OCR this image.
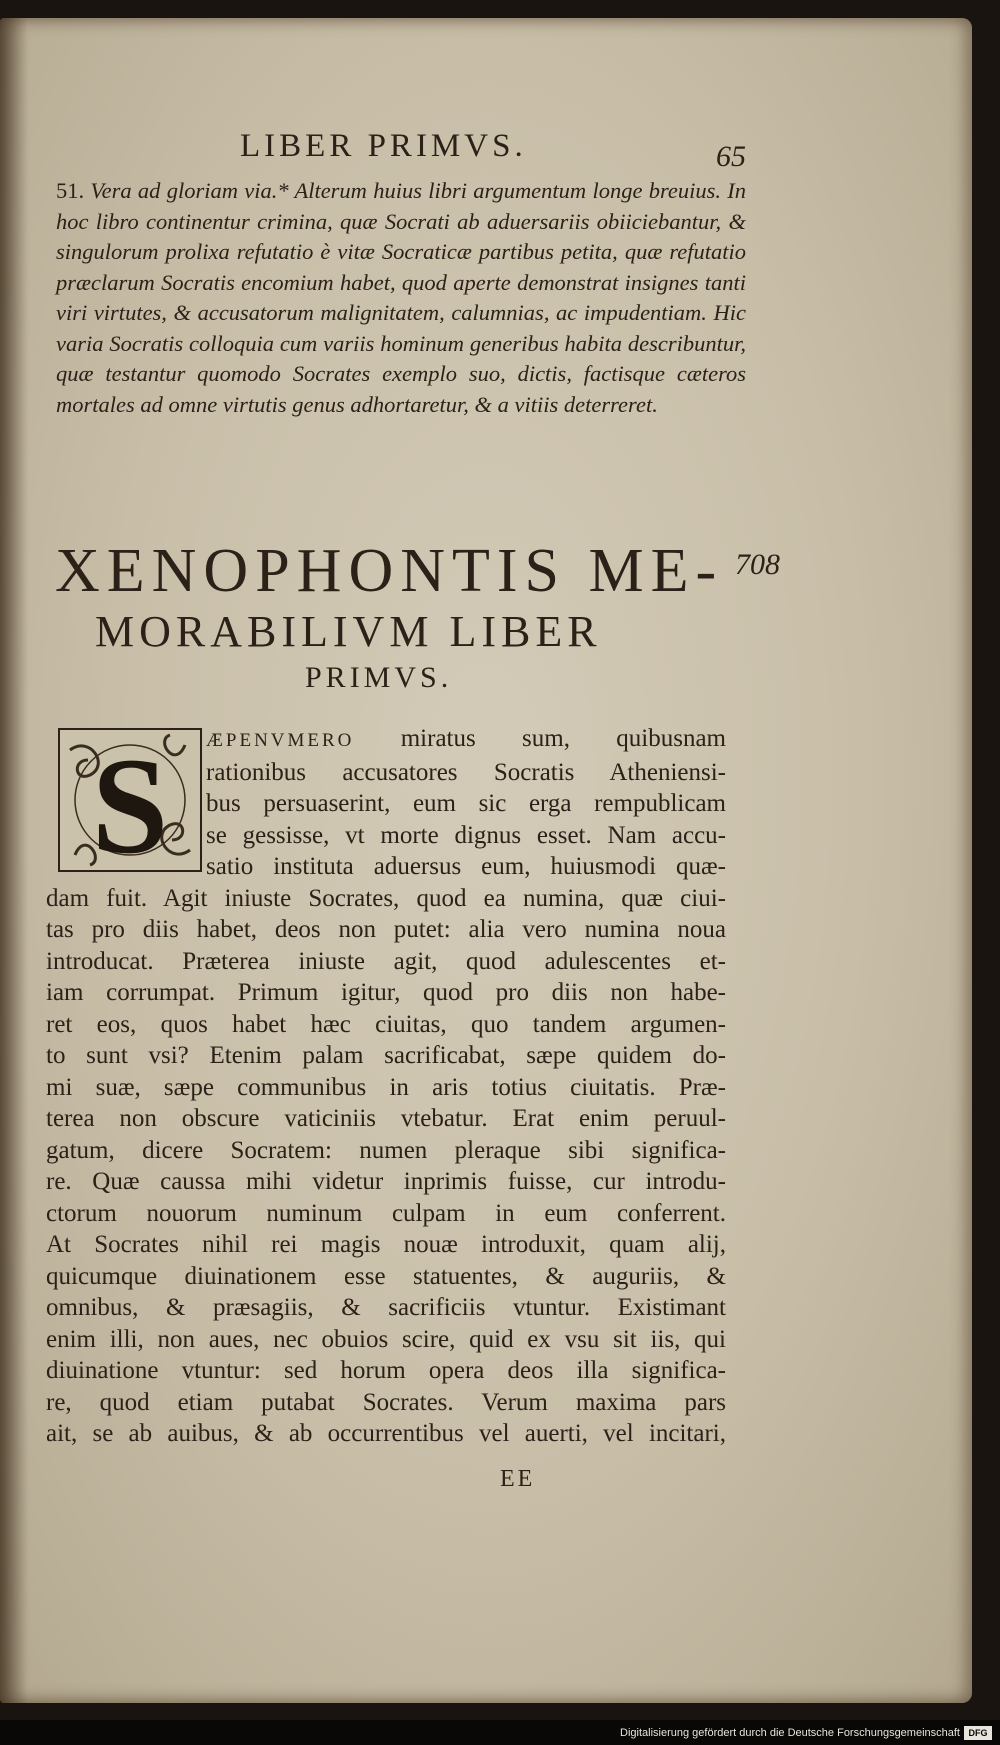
LIBER PRIMVS.	65
51. Vera ad gloriam via.* Alterum huius libri argumentum longe breuius. In hoc libro continentur crimina, quæ Socrati ab aduersariis obiiciebantur, & singulorum prolixa refutatio è vitæ Socraticæ partibus petita, quæ refutatio præclarum Socratis encomium habet, quod aperte demonstrat insignes tanti viri virtutes, & accusatorum malignitatem, calumnias, ac impudentiam. Hic varia Socratis colloquia cum variis hominum generibus habita describuntur, quæ testantur quomodo Socrates exemplo suo, dictis, factisque cæteros mortales ad omne virtutis genus adhortaretur, & a vitiis deterreret.
XENOPHONTIS ME-
MORABILIVM LIBER
PRIMVS.
708
S	ÆPENVMERO miratus sum, quibusnam
rationibus accusatores Socratis Atheniensi-
bus persuaserint, eum sic erga rempublicam
se gessisse, vt morte dignus esset. Nam accu-
satio instituta aduersus eum, huiusmodi quæ-
dam fuit. Agit iniuste Socrates, quod ea numina, quæ ciui-
tas pro diis habet, deos non putet: alia vero numina noua
introducat. Præterea iniuste agit, quod adulescentes et-
iam corrumpat. Primum igitur, quod pro diis non habe-
ret eos, quos habet hæc ciuitas, quo tandem argumen-
to sunt vsi? Etenim palam sacrificabat, sæpe quidem do-
mi suæ, sæpe communibus in aris totius ciuitatis. Præ-
terea non obscure vaticiniis vtebatur. Erat enim peruul-
gatum, dicere Socratem: numen pleraque sibi significa-
re. Quæ caussa mihi videtur inprimis fuisse, cur introdu-
ctorum nouorum numinum culpam in eum conferrent.
At Socrates nihil rei magis nouæ introduxit, quam alij,
quicumque diuinationem esse statuentes, & auguriis, &
omnibus, & præsagiis, & sacrificiis vtuntur. Existimant
enim illi, non aues, nec obuios scire, quid ex vsu sit iis, qui
diuinatione vtuntur: sed horum opera deos illa significa-
re, quod etiam putabat Socrates. Verum maxima pars
ait, se ab auibus, & ab occurrentibus vel auerti, vel incitari,
EE
Digitalisierung gefördert durch die Deutsche Forschungsgemeinschaft DFG
